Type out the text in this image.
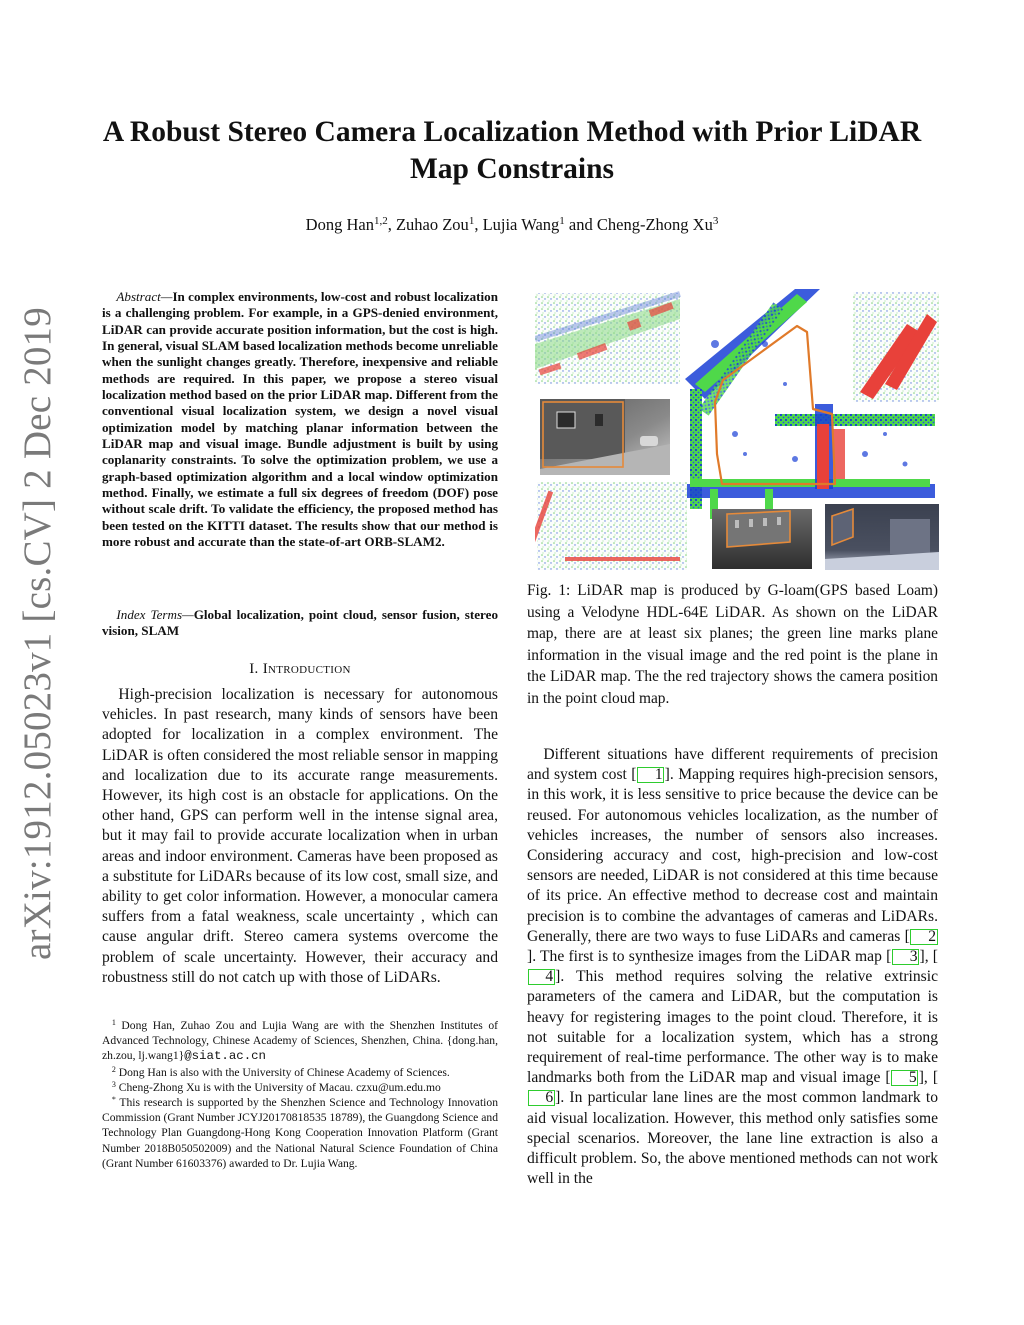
arXiv:1912.05023v1 [cs.CV] 2 Dec 2019
A Robust Stereo Camera Localization Method with Prior LiDAR
Map Constrains
Dong Han$^{1,2}$, Zuhao Zou$^1$, Lujia Wang$^1$ and Cheng-Zhong Xu$^3$
Abstract—In complex environments, low-cost and robust localization is a challenging problem. For example, in a GPS-denied environment, LiDAR can provide accurate position information, but the cost is high. In general, visual SLAM based localization methods become unreliable when the sunlight changes greatly. Therefore, inexpensive and reliable methods are required. In this paper, we propose a stereo visual localization method based on the prior LiDAR map. Different from the conventional visual localization system, we design a novel visual optimization model by matching planar information between the LiDAR map and visual image. Bundle adjustment is built by using coplanarity constraints. To solve the optimization problem, we use a graph-based optimization algorithm and a local window optimization method. Finally, we estimate a full six degrees of freedom (DOF) pose without scale drift. To validate the efficiency, the proposed method has been tested on the KITTI dataset. The results show that our method is more robust and accurate than the state-of-art ORB-SLAM2.
Index Terms—Global localization, point cloud, sensor fusion, stereo vision, SLAM
I. Introduction

High-precision localization is necessary for autonomous vehicles. In past research, many kinds of sensors have been adopted for localization in a complex environment. The LiDAR is often considered the most reliable sensor in mapping and localization due to its accurate range measurements. However, its high cost is an obstacle for applications. On the other hand, GPS can perform well in the intense signal area, but it may fail to provide accurate localization when in urban areas and indoor environment. Cameras have been proposed as a substitute for LiDARs because of its low cost, small size, and ability to get color information. However, a monocular camera suffers from a fatal weakness, scale uncertainty , which can cause angular drift. Stereo camera systems overcome the problem of scale uncertainty. However, their accuracy and robustness still do not catch up with those of LiDARs.

$^1$ Dong Han, Zuhao Zou and Lujia Wang are with the Shenzhen Institutes of Advanced Technology, Chinese Academy of Sciences, Shenzhen, China. {dong.han, zh.zou, lj.wang1}@siat.ac.cn

$^2$ Dong Han is also with the University of Chinese Academy of Sciences.

$^3$ Cheng-Zhong Xu is with the University of Macau. czxu@um.edu.mo

* This research is supported by the Shenzhen Science and Technology Innovation Commission (Grant Number JCYJ20170818535 18789), the Guangdong Science and Technology Plan Guangdong-Hong Kong Cooperation Innovation Platform (Grant Number 2018B050502009) and the National Natural Science Foundation of China (Grant Number 61603376) awarded to Dr. Lujia Wang.

Fig. 1: LiDAR map is produced by G-loam(GPS based Loam) using a Velodyne HDL-64E LiDAR. As shown on the LiDAR map, there are at least six planes; the green line marks plane information in the visual image and the red point is the plane in the LiDAR map. The the red trajectory shows the camera position in the point cloud map.

Different situations have different requirements of precision and system cost [ 1 ]. Mapping requires high-precision sensors, in this work, it is less sensitive to price because the device can be reused. For autonomous vehicles localization, as the number of vehicles increases, the number of sensors also increases. Considering accuracy and cost, high-precision and low-cost sensors are needed, LiDAR is not considered at this time because of its price. An effective method to decrease cost and maintain precision is to combine the advantages of cameras and LiDARs. Generally, there are two ways to fuse LiDARs and cameras [ 2]. The first is to synthesize images from the LiDAR map [ 3 ], [4 ]. This method requires solving the relative extrinsic parameters of the camera and LiDAR, but the computation is heavy for registering images to the point cloud. Therefore, it is not suitable for a localization system, which has a strong requirement of real-time performance. The other way is to make landmarks both from the LiDAR map and visual image [ 5 ], [6 ]. In particular lane lines are the most common landmark to aid visual localization. However, this method only satisfies some special scenarios. Moreover, the lane line extraction is also a difficult problem. So, the above mentioned methods can not work well in the
